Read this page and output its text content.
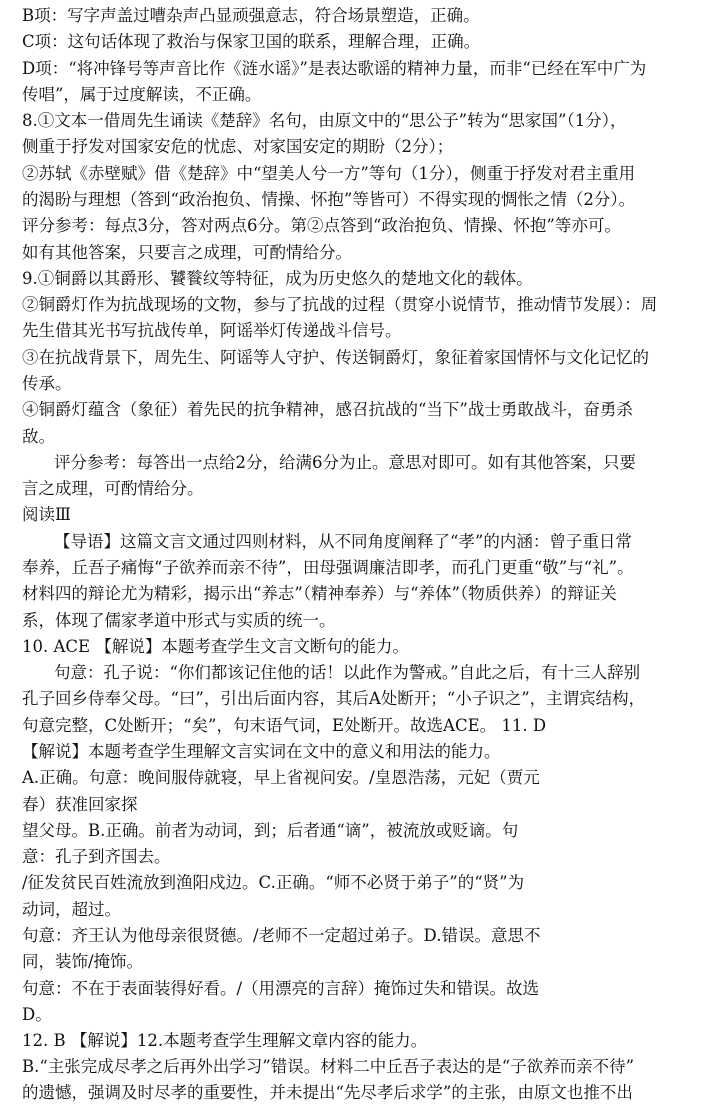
B项：写字声盖过嘈杂声凸显顽强意志，符合场景塑造，正确。
C项：这句话体现了救治与保家卫国的联系，理解合理，正确。
D项：“将冲锋号等声音比作《涟水谣》”是表达歌谣的精神力量，而非“已经在军中广为
传唱”，属于过度解读，不正确。
8.①文本一借周先生诵读《楚辞》名句，由原文中的“思公子”转为“思家国”（1分），
侧重于抒发对国家安危的忧虑、对家国安定的期盼（2分）；
②苏轼《赤壁赋》借《楚辞》中“望美人兮一方”等句（1分），侧重于抒发对君主重用
的渴盼与理想（答到“政治抱负、情操、怀抱”等皆可）不得实现的惆怅之情（2分）。
评分参考：每点3分，答对两点6分。第②点答到“政治抱负、情操、怀抱”等亦可。
如有其他答案，只要言之成理，可酌情给分。
9.①铜爵以其爵形、饕餮纹等特征，成为历史悠久的楚地文化的载体。
②铜爵灯作为抗战现场的文物，参与了抗战的过程（贯穿小说情节，推动情节发展）：周
先生借其光书写抗战传单，阿谣举灯传递战斗信号。
③在抗战背景下，周先生、阿谣等人守护、传送铜爵灯，象征着家国情怀与文化记忆的
传承。
④铜爵灯蕴含（象征）着先民的抗争精神，感召抗战的“当下”战士勇敢战斗，奋勇杀
敌。
评分参考：每答出一点给2分，给满6分为止。意思对即可。如有其他答案，只要
言之成理，可酌情给分。
阅读Ⅲ
【导语】这篇文言文通过四则材料，从不同角度阐释了“孝”的内涵：曾子重日常
奉养，丘吾子痛悔“子欲养而亲不待”，田母强调廉洁即孝，而孔门更重“敬”与“礼”。
材料四的辩论尤为精彩，揭示出“养志”（精神奉养）与“养体”（物质供养）的辩证关
系，体现了儒家孝道中形式与实质的统一。
10. ACE 【解说】本题考查学生文言文断句的能力。
句意：孔子说：“你们都该记住他的话！以此作为警戒。”自此之后，有十三人辞别
孔子回乡侍奉父母。“曰”，引出后面内容，其后A处断开；“小子识之”，主谓宾结构，
句意完整，C处断开；“矣”，句末语气词，E处断开。故选ACE。 11. D
【解说】本题考查学生理解文言实词在文中的意义和用法的能力。
A.正确。句意：晚间服侍就寝，早上省视问安。/皇恩浩荡，元妃（贾元
春）获准回家探
望父母。B.正确。前者为动词，到；后者通“谪”，被流放或贬谪。句
意：孔子到齐国去。
/征发贫民百姓流放到渔阳戍边。C.正确。“师不必贤于弟子”的“贤”为
动词，超过。
句意：齐王认为他母亲很贤德。/老师不一定超过弟子。D.错误。意思不
同，装饰/掩饰。
句意：不在于表面装得好看。/（用漂亮的言辞）掩饰过失和错误。故选
D。
12. B 【解说】12.本题考查学生理解文章内容的能力。
B.“主张完成尽孝之后再外出学习”错误。材料二中丘吾子表达的是“子欲养而亲不待”
的遗憾，强调及时尽孝的重要性，并未提出“先尽孝后求学”的主张，由原文也推不出
